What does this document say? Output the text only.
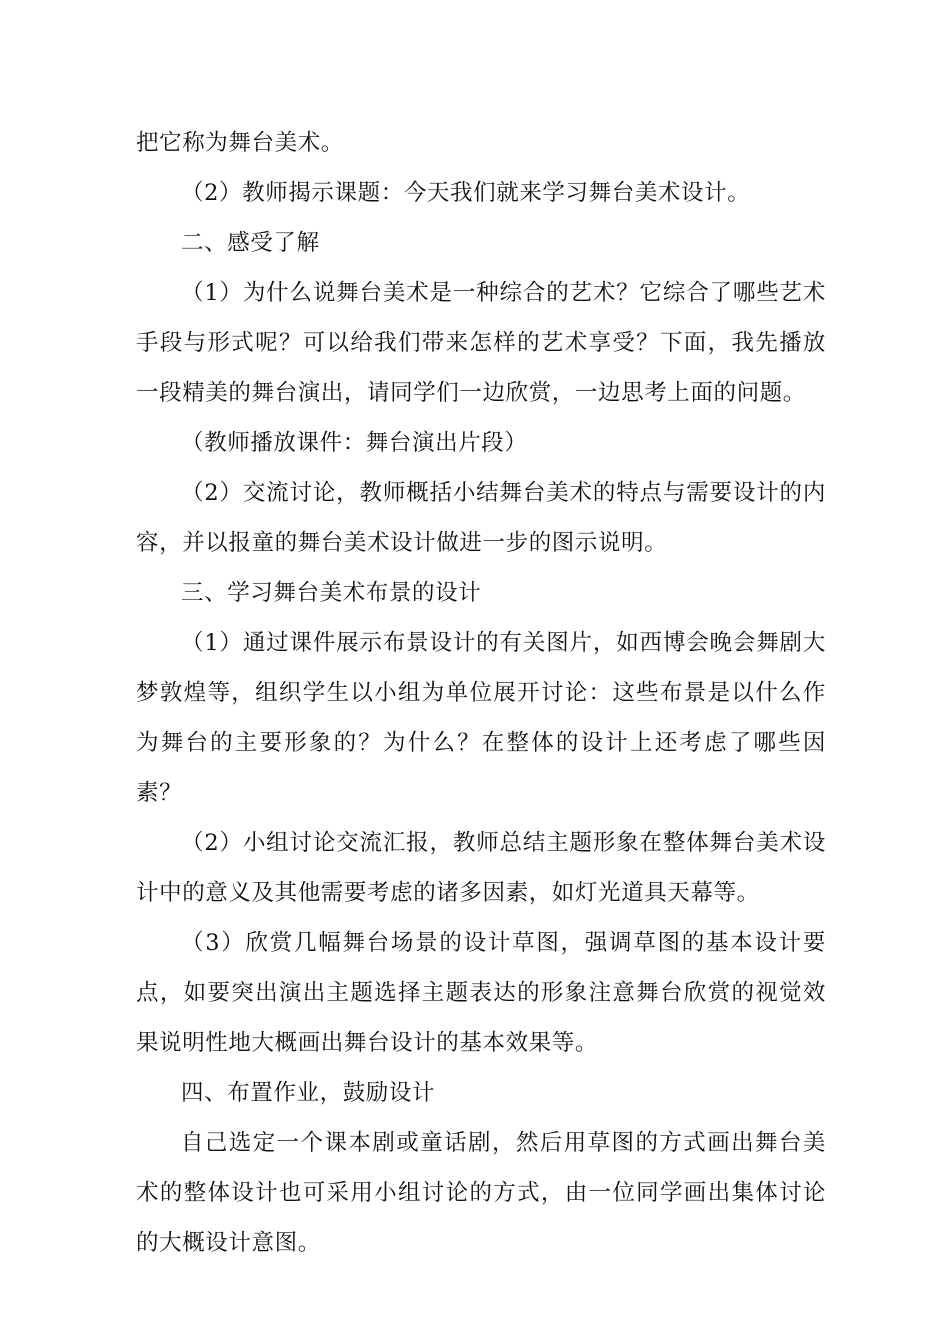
把它称为舞台美术。

（2）教师揭示课题：今天我们就来学习舞台美术设计。

二、感受了解

（1）为什么说舞台美术是一种综合的艺术？它综合了哪些艺术手段与形式呢？可以给我们带来怎样的艺术享受？下面，我先播放一段精美的舞台演出，请同学们一边欣赏，一边思考上面的问题。

（教师播放课件：舞台演出片段）

（2）交流讨论，教师概括小结舞台美术的特点与需要设计的内容，并以报童的舞台美术设计做进一步的图示说明。

三、学习舞台美术布景的设计

（1）通过课件展示布景设计的有关图片，如西博会晚会舞剧大梦敦煌等，组织学生以小组为单位展开讨论：这些布景是以什么作为舞台的主要形象的？为什么？在整体的设计上还考虑了哪些因素？

（2）小组讨论交流汇报，教师总结主题形象在整体舞台美术设计中的意义及其他需要考虑的诸多因素，如灯光道具天幕等。

（3）欣赏几幅舞台场景的设计草图，强调草图的基本设计要点，如要突出演出主题选择主题表达的形象注意舞台欣赏的视觉效果说明性地大概画出舞台设计的基本效果等。

四、布置作业，鼓励设计

自己选定一个课本剧或童话剧，然后用草图的方式画出舞台美术的整体设计也可采用小组讨论的方式，由一位同学画出集体讨论的大概设计意图。
